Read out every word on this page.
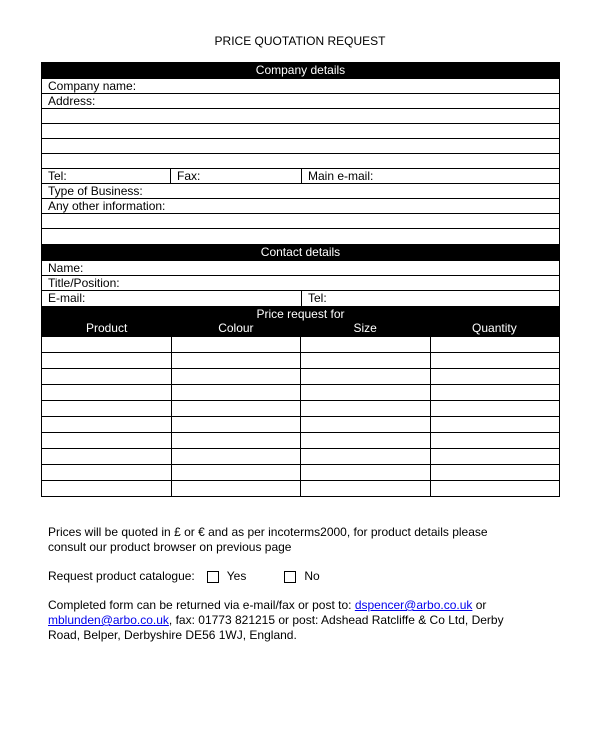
PRICE QUOTATION REQUEST
Company details
Company name:
Address:
Tel:	Fax:	Main e-mail:
Type of Business:
Any other information:
Contact details
Name:
Title/Position:
E-mail:	Tel:
Price request for
Product	Colour	Size	Quantity
Prices will be quoted in £ or € and as per incoterms2000, for product details please
consult our product browser on previous page
Request product catalogue:	Yes	No
Completed form can be returned via e-mail/fax or post to: dspencer@arbo.co.uk or
mblunden@arbo.co.uk, fax: 01773 821215 or post: Adshead Ratcliffe & Co Ltd, Derby
Road, Belper, Derbyshire DE56 1WJ, England.
